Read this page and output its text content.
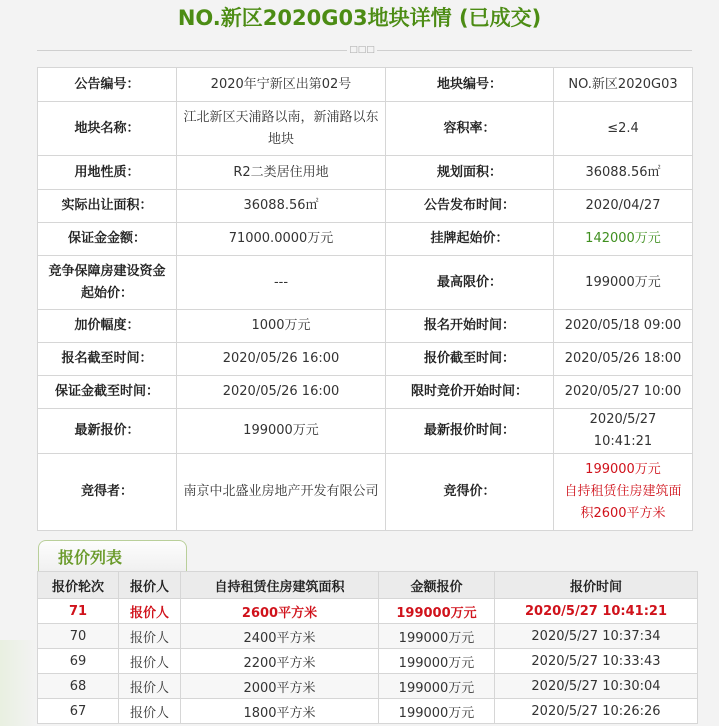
NO.新区2020G03地块详情 (已成交)
□□□
公告编号：	2020年宁新区出第02号	地块编号：	NO.新区2020G03
地块名称：	江北新区天浦路以南，新浦路以东地块	容积率：	≤2.4
用地性质：	R2二类居住用地	规划面积：	36088.56㎡
实际出让面积：	36088.56㎡	公告发布时间：	2020/04/27
保证金金额：	71000.0000万元	挂牌起始价：	142000万元
竞争保障房建设资金起始价：	---	最高限价：	199000万元
加价幅度：	1000万元	报名开始时间：	2020/05/18 09:00
报名截至时间：	2020/05/26 16:00	报价截至时间：	2020/05/26 18:00
保证金截至时间：	2020/05/26 16:00	限时竞价开始时间：	2020/05/27 10:00
最新报价：	199000万元	最新报价时间：	2020/5/27 10:41:21
竞得者：	南京中北盛业房地产开发有限公司	竞得价：	199000万元
自持租赁住房建筑面积2600平方米
报价列表
报价轮次	报价人	自持租赁住房建筑面积	金额报价	报价时间
71	报价人	2600平方米	199000万元	2020/5/27 10:41:21
70	报价人	2400平方米	199000万元	2020/5/27 10:37:34
69	报价人	2200平方米	199000万元	2020/5/27 10:33:43
68	报价人	2000平方米	199000万元	2020/5/27 10:30:04
67	报价人	1800平方米	199000万元	2020/5/27 10:26:26
